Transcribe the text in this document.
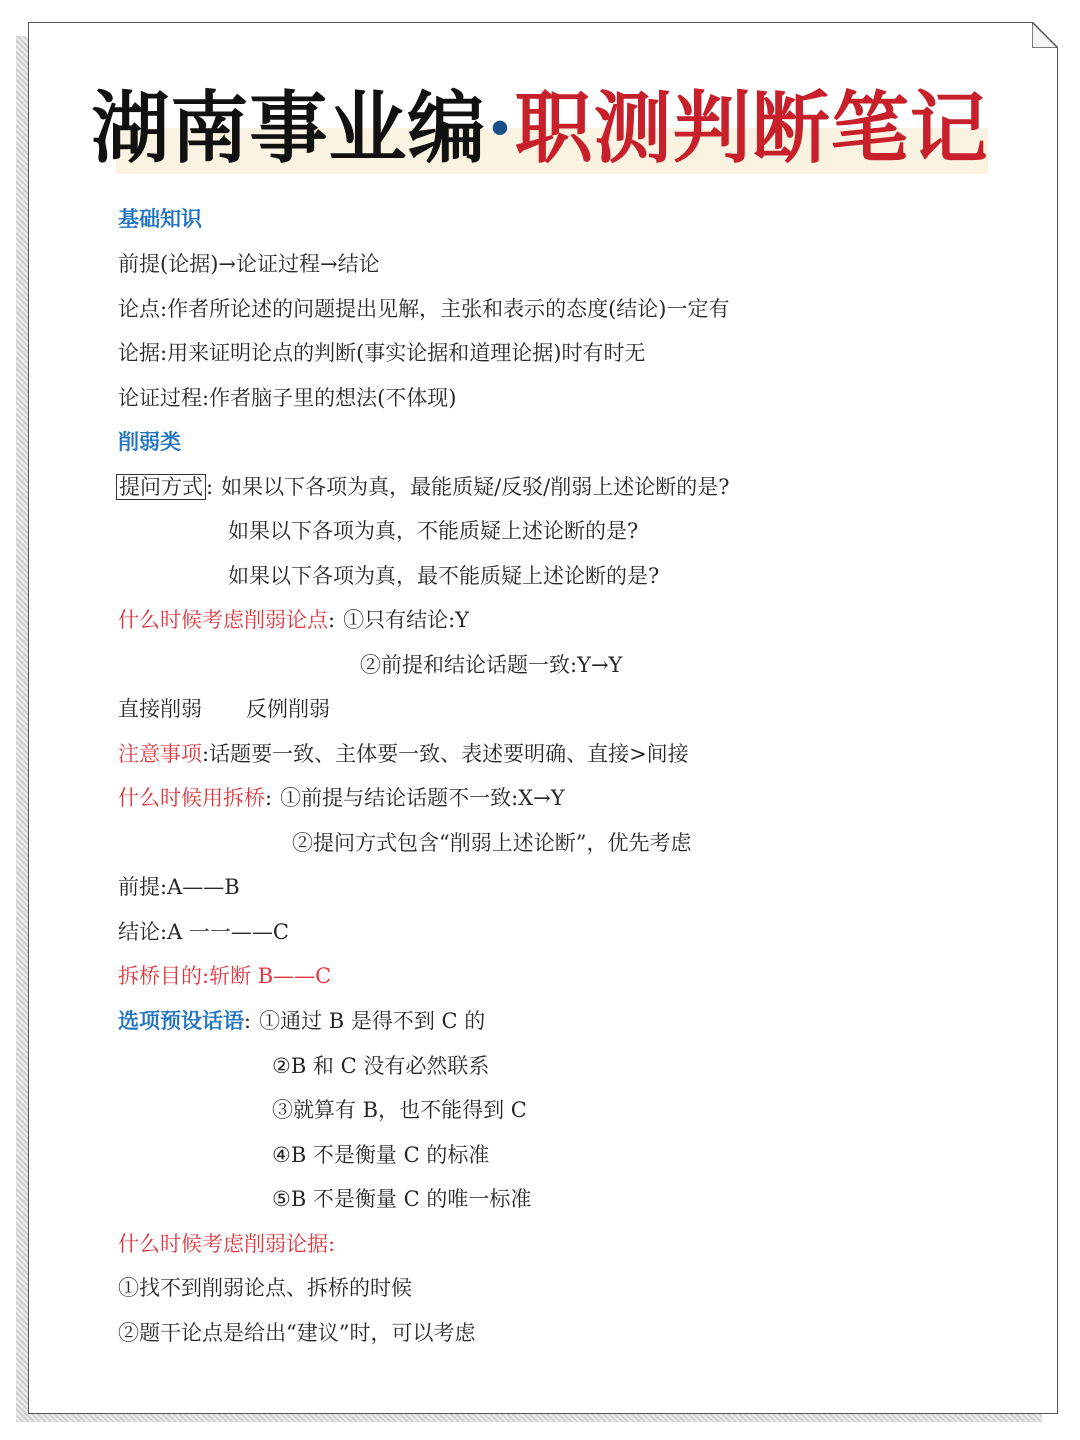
湖南事业编·职测判断笔记
基础知识
前提(论据)→论证过程→结论
论点:作者所论述的问题提出见解，主张和表示的态度(结论)一定有
论据:用来证明论点的判断(事实论据和道理论据)时有时无
论证过程:作者脑子里的想法(不体现)
削弱类
提问方式 : 如果以下各项为真，最能质疑/反驳/削弱上述论断的是?
如果以下各项为真，不能质疑上述论断的是?
如果以下各项为真，最不能质疑上述论断的是?
什么时候考虑削弱论点: ①只有结论:Y
②前提和结论话题一致:Y→Y
直接削弱 反例削弱
注意事项:话题要一致、主体要一致、表述要明确、直接>间接
什么时候用拆桥: ①前提与结论话题不一致:X→Y
②提问方式包含“削弱上述论断”，优先考虑
前提:A——B
结论:A 一一——C
拆桥目的:斩断 B——C
选项预设话语: ①通过 B 是得不到 C 的
②B 和 C 没有必然联系
③就算有 B，也不能得到 C
④B 不是衡量 C 的标准
⑤B 不是衡量 C 的唯一标准
什么时候考虑削弱论据:
①找不到削弱论点、拆桥的时候
②题干论点是给出“建议”时，可以考虑
